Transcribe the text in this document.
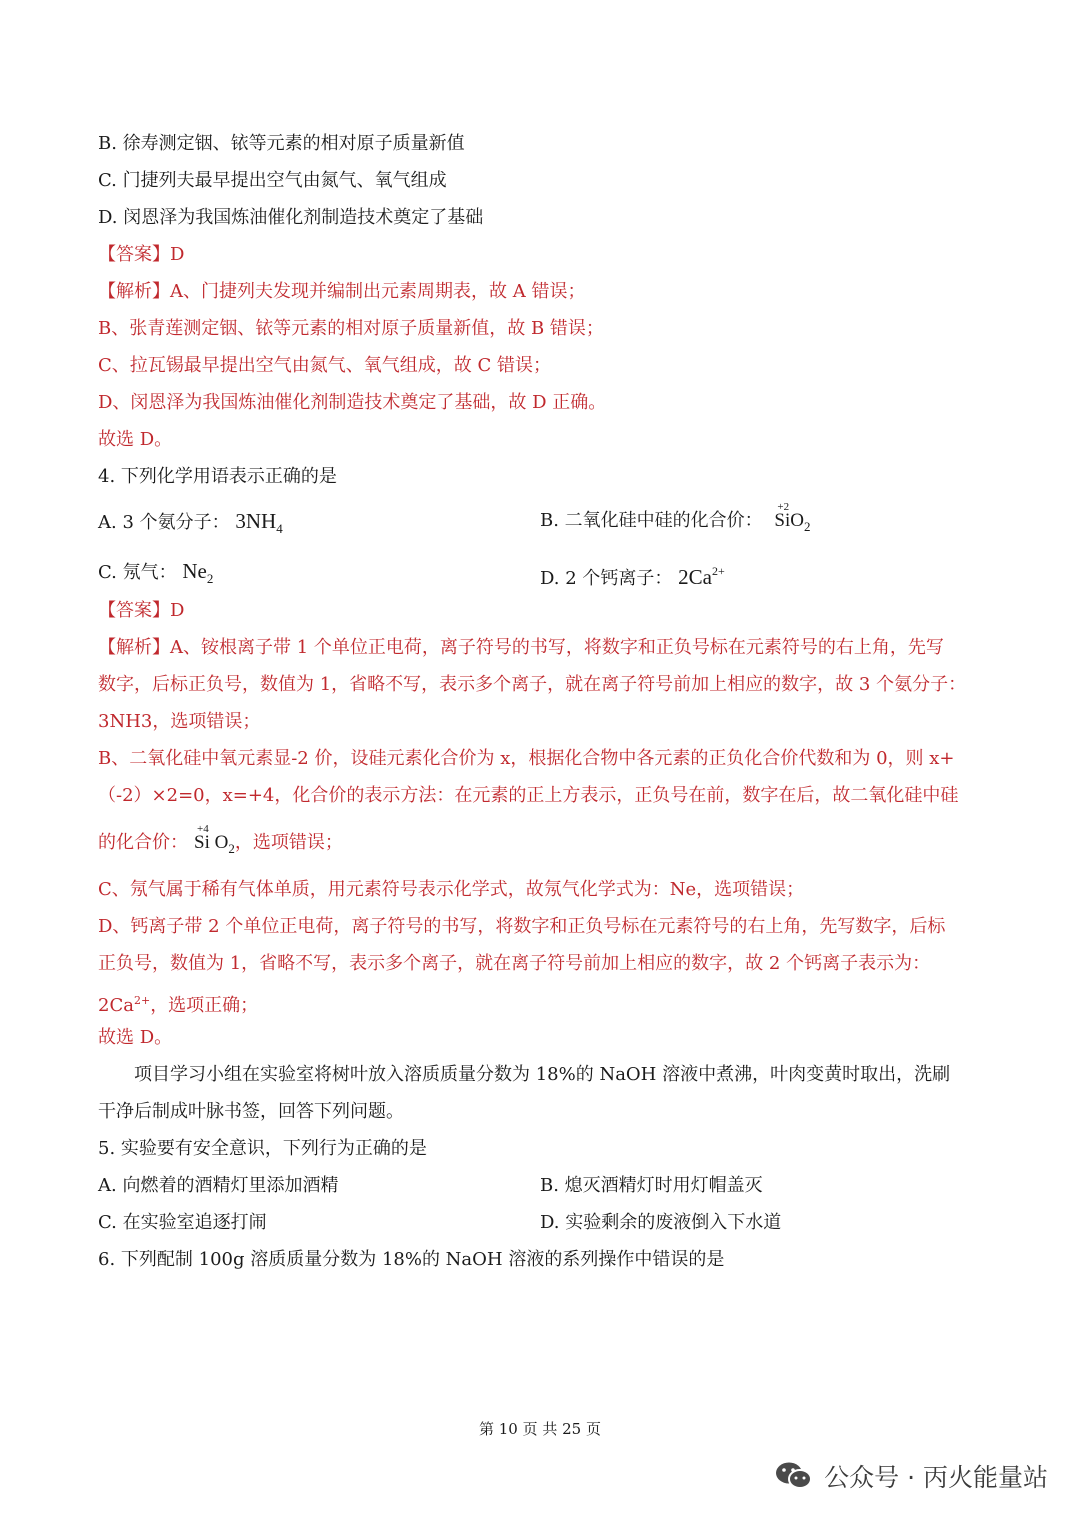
B. 徐寿测定铟、铱等元素的相对原子质量新值
C. 门捷列夫最早提出空气由氮气、氧气组成
D. 闵恩泽为我国炼油催化剂制造技术奠定了基础
【答案】D
【解析】A、门捷列夫发现并编制出元素周期表，故 A 错误；
B、张青莲测定铟、铱等元素的相对原子质量新值，故 B 错误；
C、拉瓦锡最早提出空气由氮气、氧气组成，故 C 错误；
D、闵恩泽为我国炼油催化剂制造技术奠定了基础，故 D 正确。
故选 D。
4. 下列化学用语表示正确的是
A. 3 个氨分子： $3NH_4$	B. 二氧化硅中硅的化合价：
+2
SiO$_2$
C. 氖气： $Ne_2$	D. 2 个钙离子： $2Ca^{2+}$
【答案】D
【解析】A、铵根离子带 1 个单位正电荷，离子符号的书写，将数字和正负号标在元素符号的右上角，先写
数字，后标正负号，数值为 1，省略不写，表示多个离子，就在离子符号前加上相应的数字，故 3 个氨分子：
3NH3，选项错误；
B、二氧化硅中氧元素显-2 价，设硅元素化合价为 x，根据化合物中各元素的正负化合价代数和为 0，则 x+
（-2）×2=0，x=+4，化合价的表示方法：在元素的正上方表示，正负号在前，数字在后，故二氧化硅中硅
的化合价：
+4
Si $O_2$，选项错误；
C、氖气属于稀有气体单质，用元素符号表示化学式，故氖气化学式为：Ne，选项错误；
D、钙离子带 2 个单位正电荷，离子符号的书写，将数字和正负号标在元素符号的右上角，先写数字，后标
正负号，数值为 1，省略不写，表示多个离子，就在离子符号前加上相应的数字，故 2 个钙离子表示为：
$2Ca^{2+}$，选项正确；
故选 D。
项目学习小组在实验室将树叶放入溶质质量分数为 18%的 NaOH 溶液中煮沸，叶肉变黄时取出，洗刷
干净后制成叶脉书签，回答下列问题。
5. 实验要有安全意识，下列行为正确的是
A. 向燃着的酒精灯里添加酒精	B. 熄灭酒精灯时用灯帽盖灭
C. 在实验室追逐打闹	D. 实验剩余的废液倒入下水道
6. 下列配制 100g 溶质质量分数为 18%的 NaOH 溶液的系列操作中错误的是
第 10 页 共 25 页
公众号 · 丙火能量站
